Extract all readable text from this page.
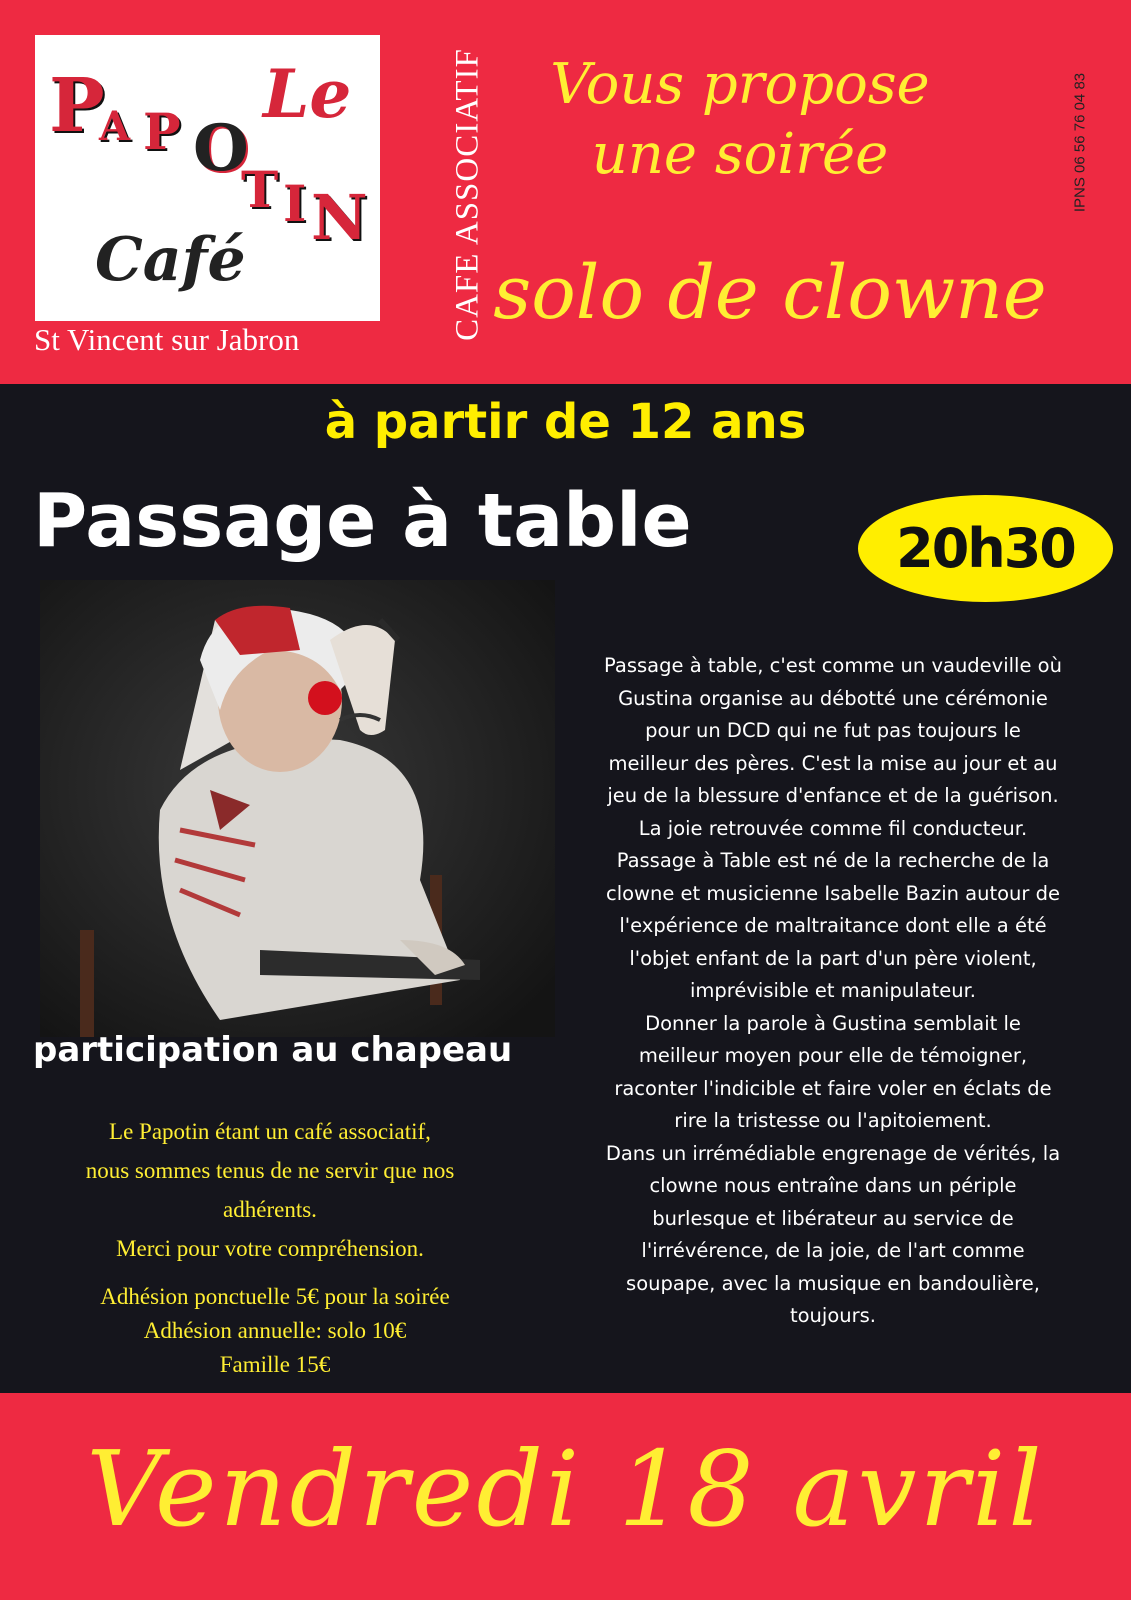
Le
P
A P O
T I N
Café
St Vincent sur Jabron	CAFE ASSOCIATIF	IPNS 06 56 76 04 83
Vous propose
une soirée
solo de clowne
à partir de 12 ans
Passage à table	20h30
participation au chapeau
Le Papotin étant un café associatif,
nous sommes tenus de ne servir que nos
adhérents.
Merci pour votre compréhension.
Adhésion ponctuelle 5€ pour la soirée
Adhésion annuelle: solo 10€
Famille 15€
Passage à table, c'est comme un vaudeville où
Gustina organise au débotté une cérémonie
pour un DCD qui ne fut pas toujours le
meilleur des pères. C'est la mise au jour et au
jeu de la blessure d'enfance et de la guérison.
La joie retrouvée comme fil conducteur.
Passage à Table est né de la recherche de la
clowne et musicienne Isabelle Bazin autour de
l'expérience de maltraitance dont elle a été
l'objet enfant de la part d'un père violent,
imprévisible et manipulateur.
Donner la parole à Gustina semblait le
meilleur moyen pour elle de témoigner,
raconter l'indicible et faire voler en éclats de
rire la tristesse ou l'apitoiement.
Dans un irrémédiable engrenage de vérités, la
clowne nous entraîne dans un périple
burlesque et libérateur au service de
l'irrévérence, de la joie, de l'art comme
soupape, avec la musique en bandoulière,
toujours.
Vendredi 18 avril
